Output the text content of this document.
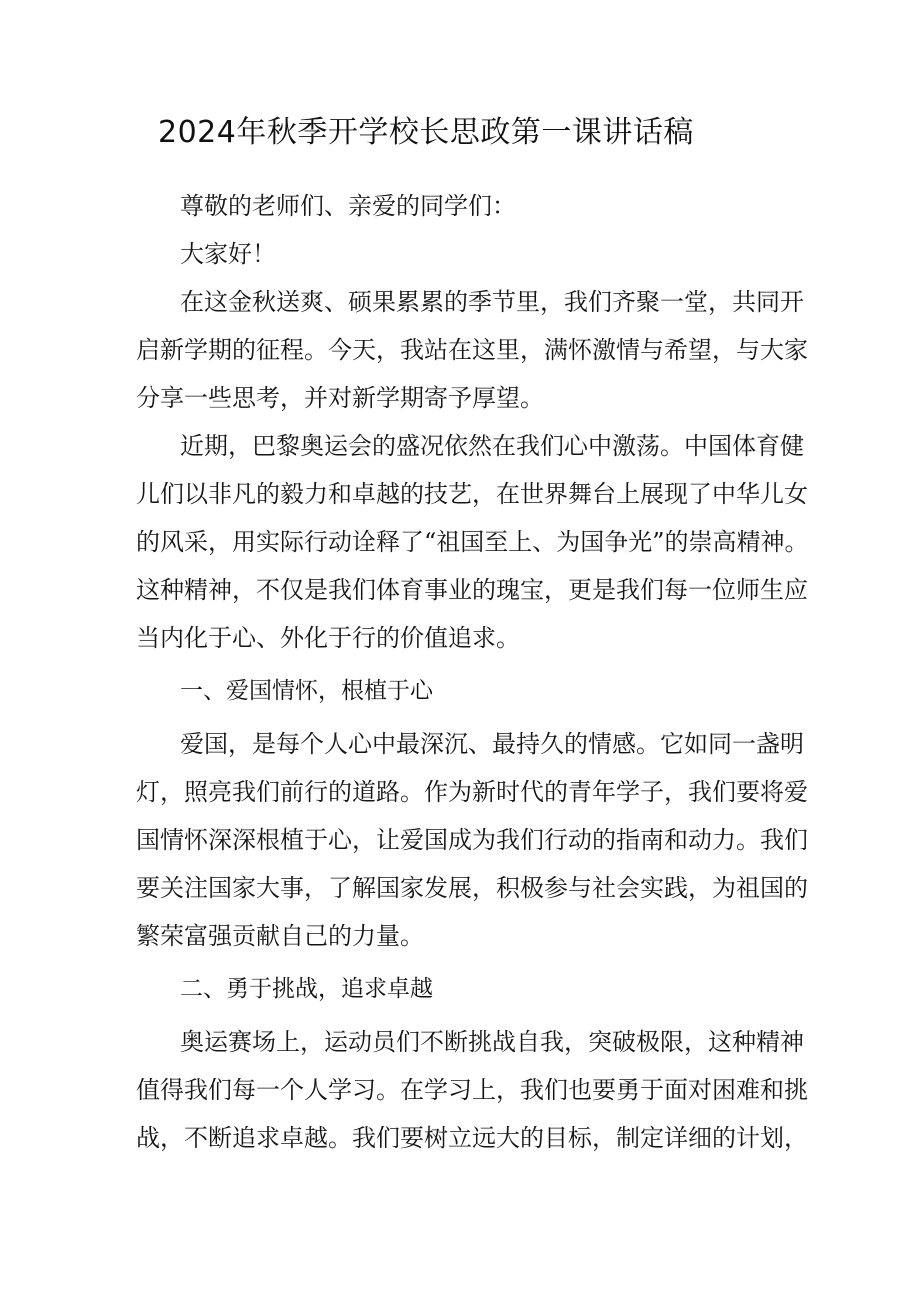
2024年秋季开学校长思政第一课讲话稿
尊敬的老师们、亲爱的同学们：
大家好！
在这金秋送爽、硕果累累的季节里，我们齐聚一堂，共同开
启新学期的征程。今天，我站在这里，满怀激情与希望，与大家
分享一些思考，并对新学期寄予厚望。
近期，巴黎奥运会的盛况依然在我们心中激荡。中国体育健
儿们以非凡的毅力和卓越的技艺，在世界舞台上展现了中华儿女
的风采，用实际行动诠释了“祖国至上、为国争光”的崇高精神。
这种精神，不仅是我们体育事业的瑰宝，更是我们每一位师生应
当内化于心、外化于行的价值追求。
一、爱国情怀，根植于心
爱国，是每个人心中最深沉、最持久的情感。它如同一盏明
灯，照亮我们前行的道路。作为新时代的青年学子，我们要将爱
国情怀深深根植于心，让爱国成为我们行动的指南和动力。我们
要关注国家大事，了解国家发展，积极参与社会实践，为祖国的
繁荣富强贡献自己的力量。
二、勇于挑战，追求卓越
奥运赛场上，运动员们不断挑战自我，突破极限，这种精神
值得我们每一个人学习。在学习上，我们也要勇于面对困难和挑
战，不断追求卓越。我们要树立远大的目标，制定详细的计划，
